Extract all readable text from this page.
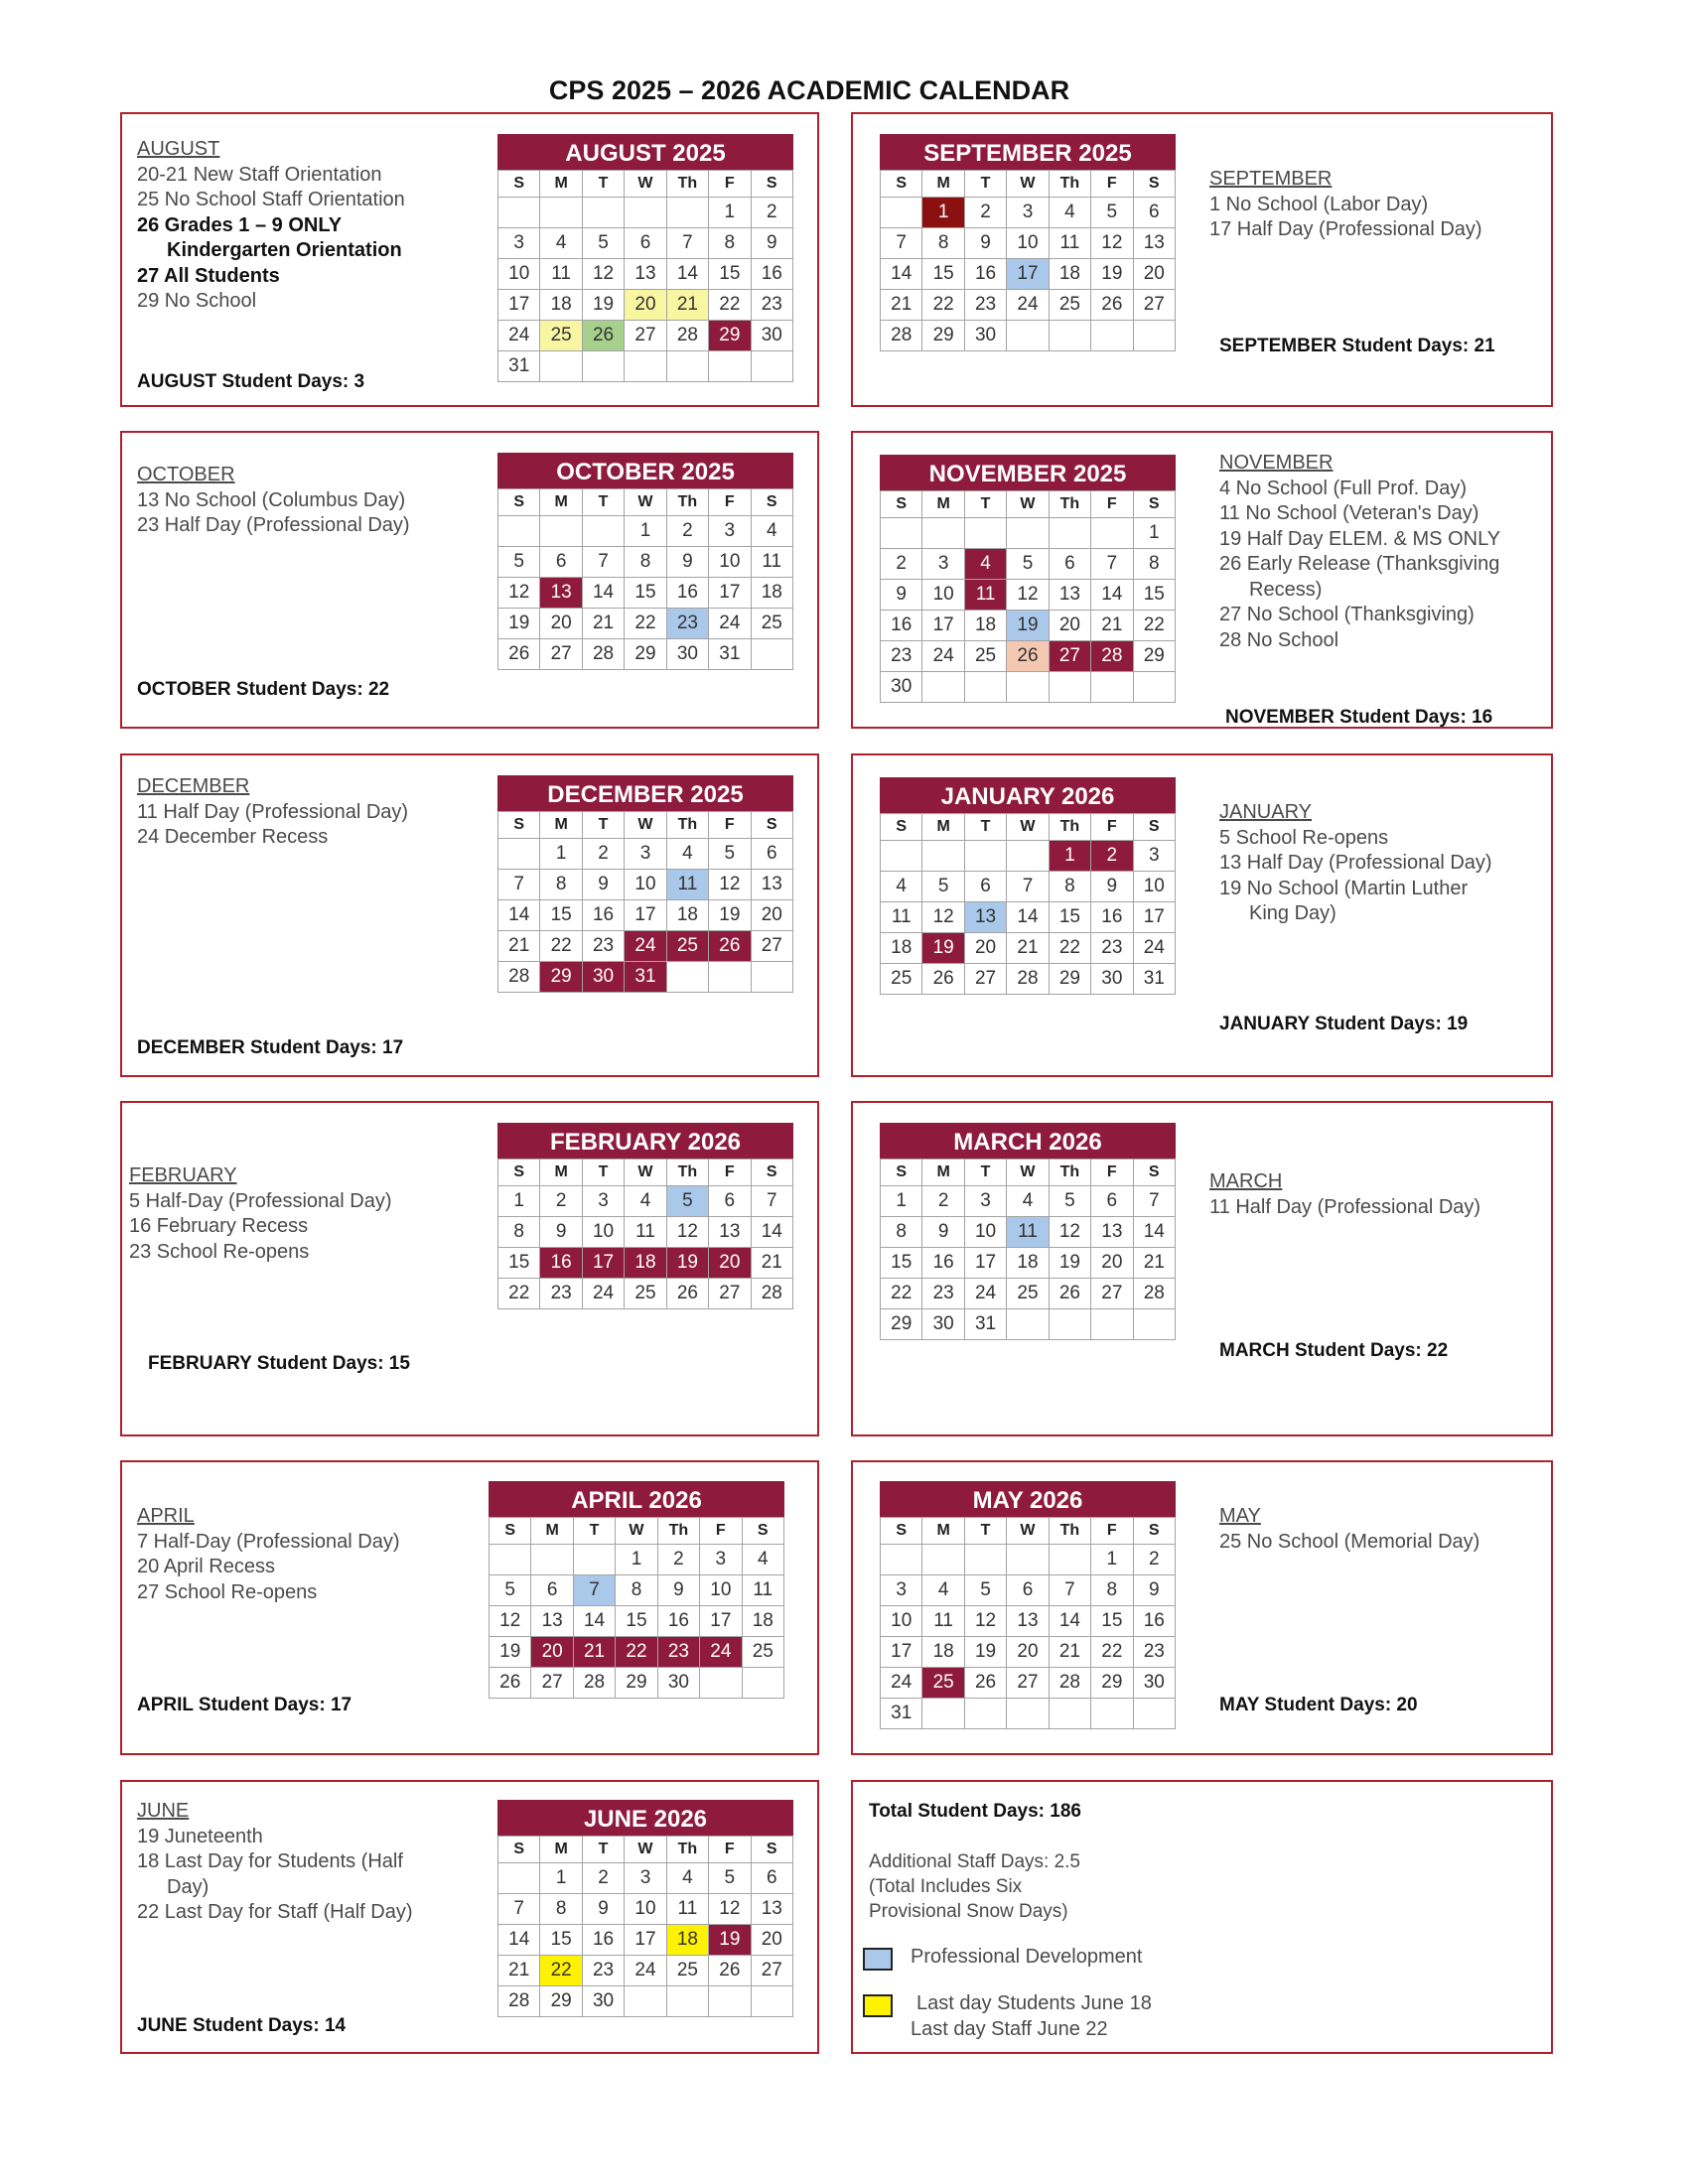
CPS 2025 – 2026 ACADEMIC CALENDAR
AUGUST 2025
S	M	T	W	Th	F	S
					1	2
3	4	5	6	7	8	9
10	11	12	13	14	15	16
17	18	19	20	21	22	23
24	25	26	27	28	29	30
31						
SEPTEMBER 2025
S	M	T	W	Th	F	S
	1	2	3	4	5	6
7	8	9	10	11	12	13
14	15	16	17	18	19	20
21	22	23	24	25	26	27
28	29	30				
OCTOBER 2025
S	M	T	W	Th	F	S
			1	2	3	4
5	6	7	8	9	10	11
12	13	14	15	16	17	18
19	20	21	22	23	24	25
26	27	28	29	30	31	
NOVEMBER 2025
S	M	T	W	Th	F	S
						1
2	3	4	5	6	7	8
9	10	11	12	13	14	15
16	17	18	19	20	21	22
23	24	25	26	27	28	29
30						
DECEMBER 2025
S	M	T	W	Th	F	S
	1	2	3	4	5	6
7	8	9	10	11	12	13
14	15	16	17	18	19	20
21	22	23	24	25	26	27
28	29	30	31			
JANUARY 2026
S	M	T	W	Th	F	S
				1	2	3
4	5	6	7	8	9	10
11	12	13	14	15	16	17
18	19	20	21	22	23	24
25	26	27	28	29	30	31
FEBRUARY 2026
S	M	T	W	Th	F	S
1	2	3	4	5	6	7
8	9	10	11	12	13	14
15	16	17	18	19	20	21
22	23	24	25	26	27	28
MARCH 2026
S	M	T	W	Th	F	S
1	2	3	4	5	6	7
8	9	10	11	12	13	14
15	16	17	18	19	20	21
22	23	24	25	26	27	28
29	30	31				
APRIL 2026
S	M	T	W	Th	F	S
			1	2	3	4
5	6	7	8	9	10	11
12	13	14	15	16	17	18
19	20	21	22	23	24	25
26	27	28	29	30		
MAY 2026
S	M	T	W	Th	F	S
					1	2
3	4	5	6	7	8	9
10	11	12	13	14	15	16
17	18	19	20	21	22	23
24	25	26	27	28	29	30
31						
JUNE 2026
S	M	T	W	Th	F	S
	1	2	3	4	5	6
7	8	9	10	11	12	13
14	15	16	17	18	19	20
21	22	23	24	25	26	27
28	29	30				
AUGUST
20-21 New Staff Orientation
25 No School Staff Orientation
26 Grades 1 – 9 ONLY
Kindergarten Orientation
27 All Students
29 No School
SEPTEMBER
1 No School (Labor Day)
17 Half Day (Professional Day)
OCTOBER
13 No School (Columbus Day)
23 Half Day (Professional Day)
NOVEMBER
4 No School (Full Prof. Day)
11 No School (Veteran's Day)
19 Half Day ELEM. & MS ONLY
26 Early Release (Thanksgiving
Recess)
27 No School (Thanksgiving)
28 No School
DECEMBER
11 Half Day (Professional Day)
24 December Recess
JANUARY
5 School Re-opens
13 Half Day (Professional Day)
19 No School (Martin Luther
King Day)
FEBRUARY
5 Half-Day (Professional Day)
16 February Recess
23 School Re-opens
MARCH
11 Half Day (Professional Day)
APRIL
7 Half-Day (Professional Day)
20 April Recess
27 School Re-opens
MAY
25 No School (Memorial Day)
JUNE
19 Juneteenth
18 Last Day for Students (Half
Day)
22 Last Day for Staff (Half Day)
AUGUST Student Days: 3
SEPTEMBER Student Days: 21
OCTOBER Student Days: 22
NOVEMBER Student Days: 16
DECEMBER Student Days: 17
JANUARY Student Days: 19
FEBRUARY Student Days: 15
MARCH Student Days: 22
APRIL Student Days: 17	MAY Student Days: 20
JUNE Student Days: 14
Total Student Days: 186
Additional Staff Days: 2.5
(Total Includes Six
Provisional Snow Days)
Professional Development
Last day Students June 18
Last day Staff June 22
